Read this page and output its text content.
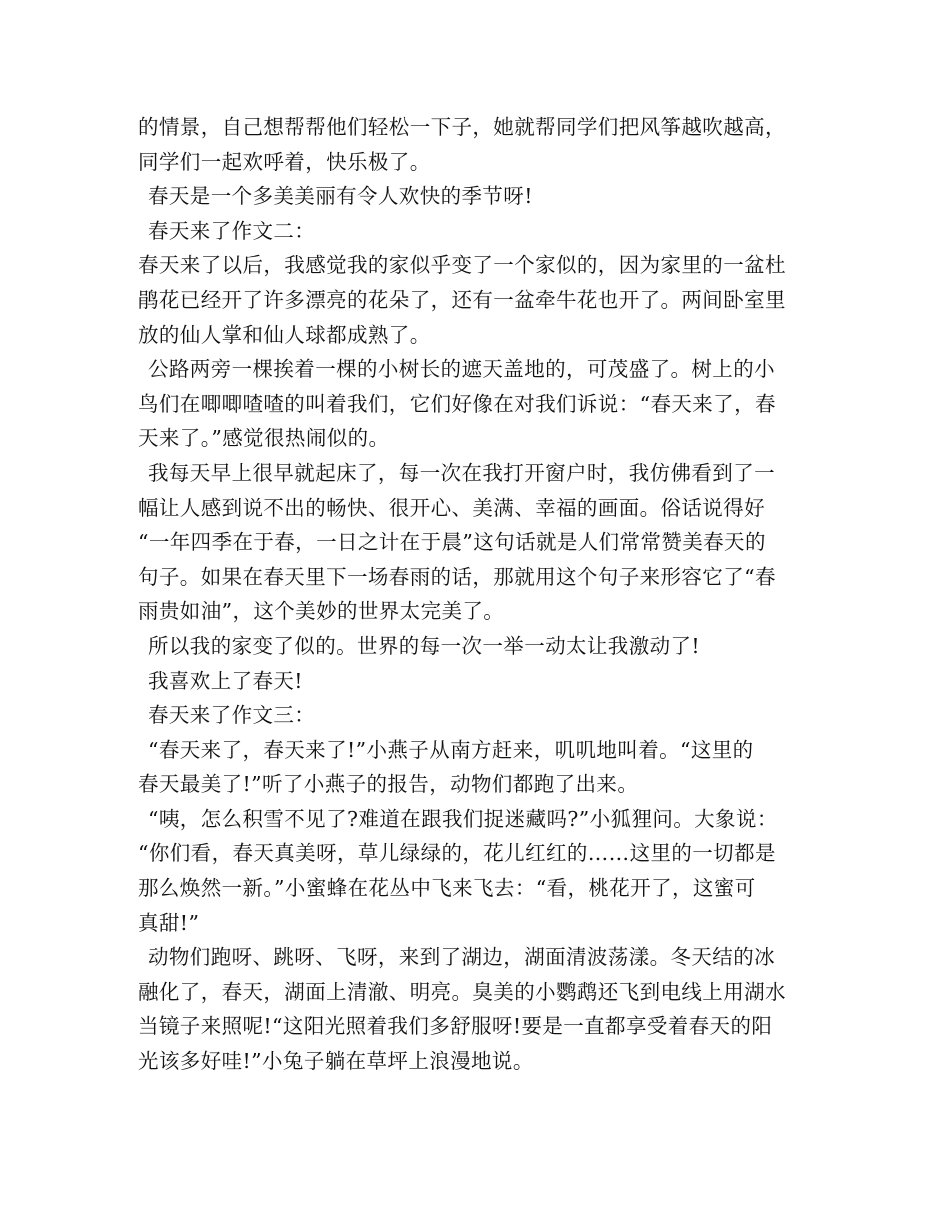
的情景，自己想帮帮他们轻松一下子，她就帮同学们把风筝越吹越高，
同学们一起欢呼着，快乐极了。
春天是一个多美美丽有令人欢快的季节呀!
春天来了作文二：
春天来了以后，我感觉我的家似乎变了一个家似的，因为家里的一盆杜
鹃花已经开了许多漂亮的花朵了，还有一盆牵牛花也开了。两间卧室里
放的仙人掌和仙人球都成熟了。
公路两旁一棵挨着一棵的小树长的遮天盖地的，可茂盛了。树上的小
鸟们在唧唧喳喳的叫着我们，它们好像在对我们诉说：“春天来了，春
天来了。”感觉很热闹似的。
我每天早上很早就起床了，每一次在我打开窗户时，我仿佛看到了一
幅让人感到说不出的畅快、很开心、美满、幸福的画面。俗话说得好
“一年四季在于春，一日之计在于晨”这句话就是人们常常赞美春天的
句子。如果在春天里下一场春雨的话，那就用这个句子来形容它了“春
雨贵如油”，这个美妙的世界太完美了。
所以我的家变了似的。世界的每一次一举一动太让我激动了!
我喜欢上了春天!
春天来了作文三：
“春天来了，春天来了!”小燕子从南方赶来，叽叽地叫着。“这里的
春天最美了!”听了小燕子的报告，动物们都跑了出来。
“咦，怎么积雪不见了?难道在跟我们捉迷藏吗?”小狐狸问。大象说：
“你们看，春天真美呀，草儿绿绿的，花儿红红的……这里的一切都是
那么焕然一新。”小蜜蜂在花丛中飞来飞去：“看，桃花开了，这蜜可
真甜!”
动物们跑呀、跳呀、飞呀，来到了湖边，湖面清波荡漾。冬天结的冰
融化了，春天，湖面上清澈、明亮。臭美的小鹦鹉还飞到电线上用湖水
当镜子来照呢!“这阳光照着我们多舒服呀!要是一直都享受着春天的阳
光该多好哇!”小兔子躺在草坪上浪漫地说。
